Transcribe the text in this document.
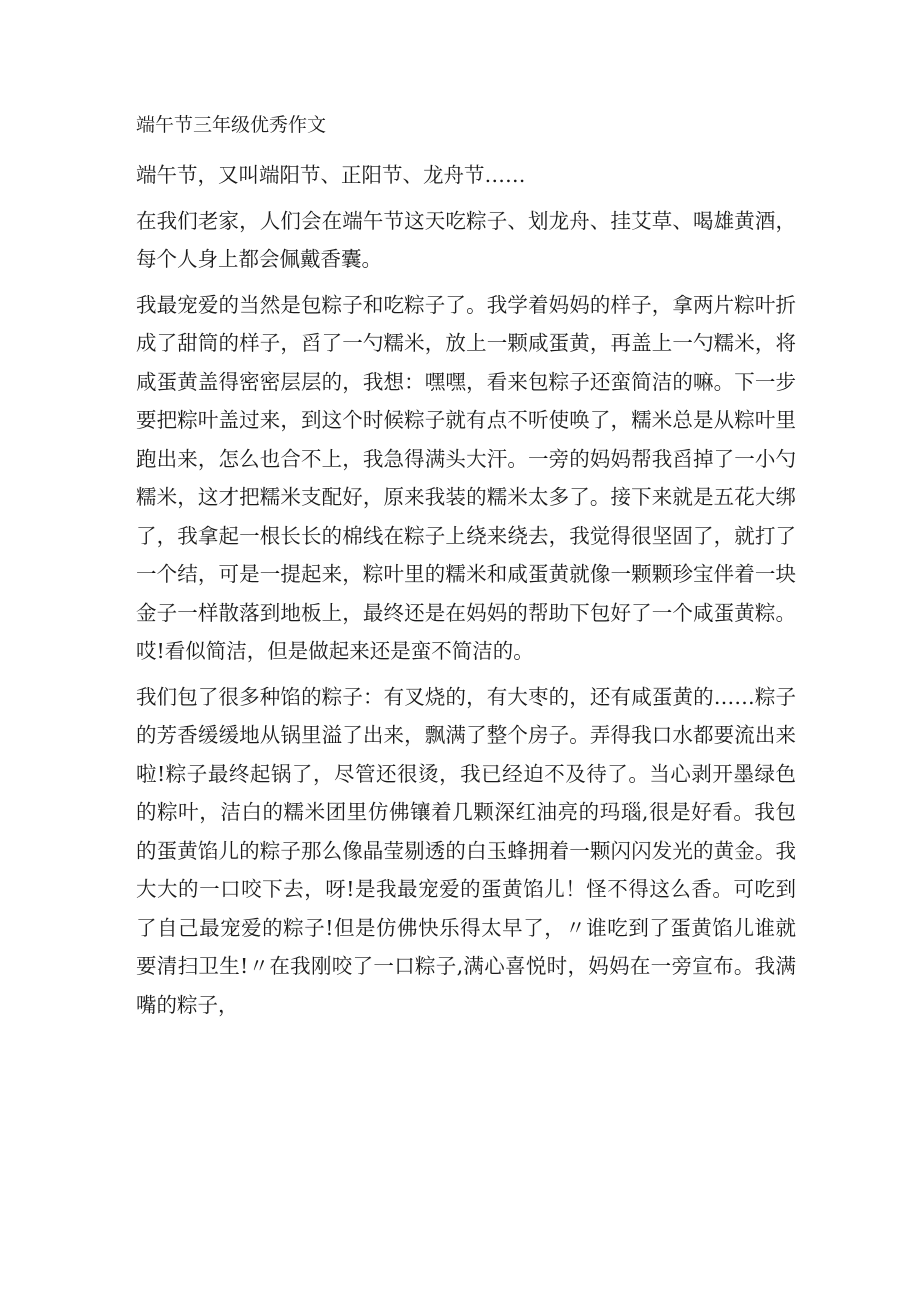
端午节三年级优秀作文

端午节，又叫端阳节、正阳节、龙舟节……

在我们老家，人们会在端午节这天吃粽子、划龙舟、挂艾草、喝雄黄酒，每个人身上都会佩戴香囊。

我最宠爱的当然是包粽子和吃粽子了。我学着妈妈的样子，拿两片粽叶折成了甜筒的样子，舀了一勺糯米，放上一颗咸蛋黄，再盖上一勺糯米，将咸蛋黄盖得密密层层的，我想：嘿嘿，看来包粽子还蛮简洁的嘛。下一步要把粽叶盖过来，到这个时候粽子就有点不听使唤了，糯米总是从粽叶里跑出来，怎么也合不上，我急得满头大汗。一旁的妈妈帮我舀掉了一小勺糯米，这才把糯米支配好，原来我装的糯米太多了。接下来就是五花大绑了，我拿起一根长长的棉线在粽子上绕来绕去，我觉得很坚固了，就打了一个结，可是一提起来，粽叶里的糯米和咸蛋黄就像一颗颗珍宝伴着一块金子一样散落到地板上，最终还是在妈妈的帮助下包好了一个咸蛋黄粽。哎!看似简洁，但是做起来还是蛮不简洁的。

我们包了很多种馅的粽子：有叉烧的，有大枣的，还有咸蛋黄的……粽子的芳香缓缓地从锅里溢了出来，飘满了整个房子。弄得我口水都要流出来啦!粽子最终起锅了，尽管还很烫，我已经迫不及待了。当心剥开墨绿色的粽叶，洁白的糯米团里仿佛镶着几颗深红油亮的玛瑙,很是好看。我包的蛋黄馅儿的粽子那么像晶莹剔透的白玉蜂拥着一颗闪闪发光的黄金。我大大的一口咬下去，呀!是我最宠爱的蛋黄馅儿！怪不得这么香。可吃到了自己最宠爱的粽子!但是仿佛快乐得太早了，〃谁吃到了蛋黄馅儿谁就要清扫卫生!〃在我刚咬了一口粽子,满心喜悦时，妈妈在一旁宣布。我满嘴的粽子，
